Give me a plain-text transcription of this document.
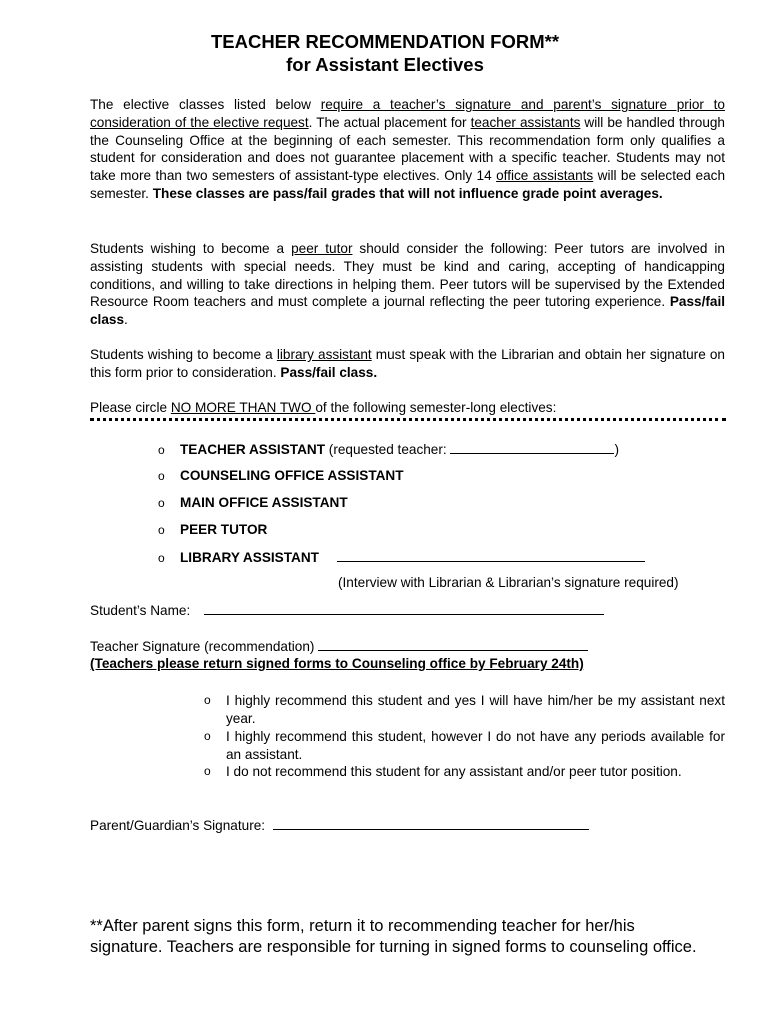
TEACHER RECOMMENDATION FORM**
for Assistant Electives
The elective classes listed below require a teacher’s signature and parent’s signature prior to consideration of the elective request. The actual placement for teacher assistants will be handled through the Counseling Office at the beginning of each semester. This recommendation form only qualifies a student for consideration and does not guarantee placement with a specific teacher. Students may not take more than two semesters of assistant-type electives. Only 14 office assistants will be selected each semester. These classes are pass/fail grades that will not influence grade point averages.
Students wishing to become a peer tutor should consider the following: Peer tutors are involved in assisting students with special needs. They must be kind and caring, accepting of handicapping conditions, and willing to take directions in helping them. Peer tutors will be supervised by the Extended Resource Room teachers and must complete a journal reflecting the peer tutoring experience. Pass/fail class.
Students wishing to become a library assistant must speak with the Librarian and obtain her signature on this form prior to consideration. Pass/fail class.
Please circle NO MORE THAN TWO of the following semester-long electives:
o TEACHER ASSISTANT (requested teacher:	)
o COUNSELING OFFICE ASSISTANT
o MAIN OFFICE ASSISTANT
o PEER TUTOR
o LIBRARY ASSISTANT
(Interview with Librarian & Librarian’s signature required)
Student’s Name:
Teacher Signature (recommendation)
(Teachers please return signed forms to Counseling office by February 24th)
o I highly recommend this student and yes I will have him/her be my assistant next year.
o I highly recommend this student, however I do not have any periods available for an assistant.
o I do not recommend this student for any assistant and/or peer tutor position.
Parent/Guardian’s Signature:
**After parent signs this form, return it to recommending teacher for her/his signature. Teachers are responsible for turning in signed forms to counseling office.
